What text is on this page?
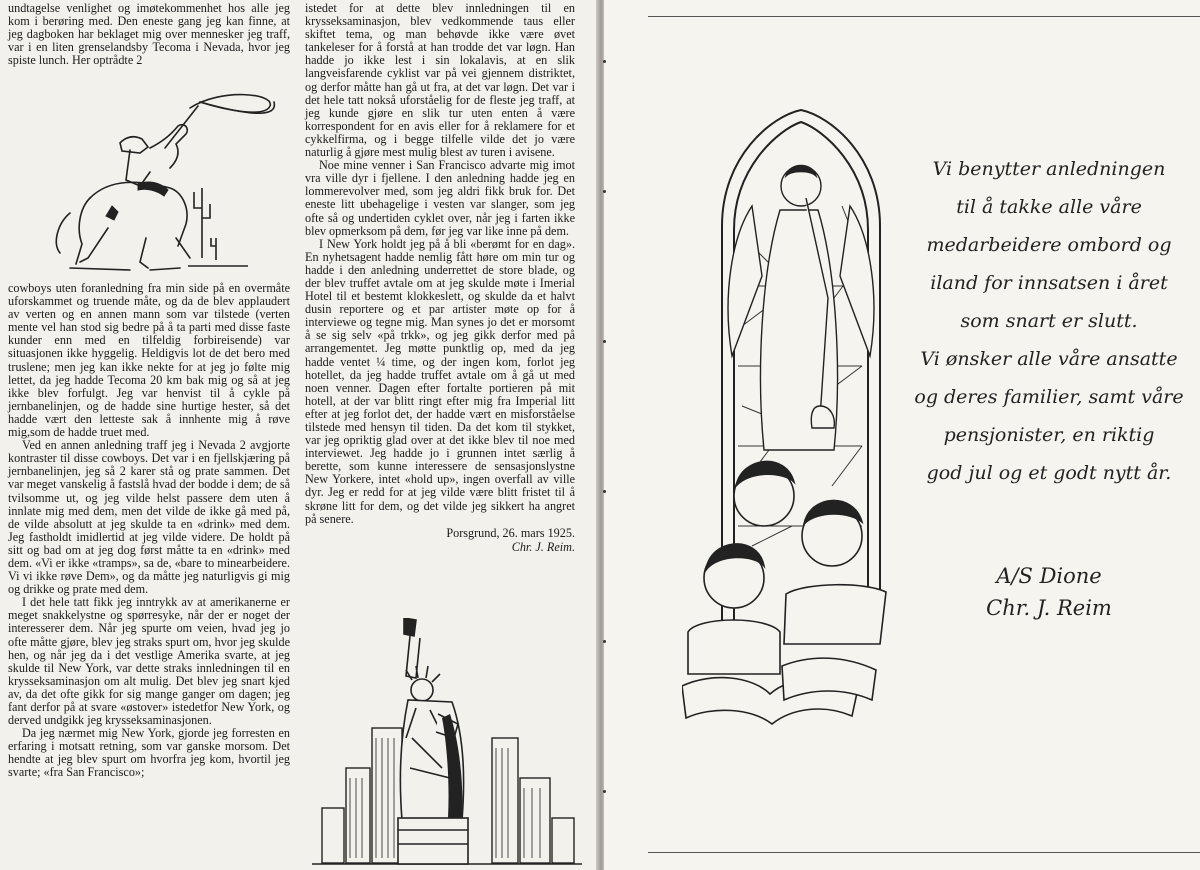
undtagelse venlighet og imøtekommenhet hos alle jeg kom i berøring med. Den eneste gang jeg kan finne, at jeg dagboken har beklaget mig over mennesker jeg traff, var i en liten grenselandsby Tecoma i Nevada, hvor jeg spiste lunch. Her optrådte 2

cowboys uten foranledning fra min side på en overmåte uforskammet og truende måte, og da de blev applaudert av verten og en annen mann som var tilstede (verten mente vel han stod sig bedre på å ta parti med disse faste kunder enn med en tilfeldig forbireisende) var situasjonen ikke hyggelig. Heldigvis lot de det bero med truslene; men jeg kan ikke nekte for at jeg jo følte mig lettet, da jeg hadde Tecoma 20 km bak mig og så at jeg ikke blev forfulgt. Jeg var henvist til å cykle på jernbanelinjen, og de hadde sine hurtige hester, så det hadde vært den letteste sak å innhente mig å røve mig,som de hadde truet med.

Ved en annen anledning traff jeg i Nevada 2 avgjorte kontraster til disse cowboys. Det var i en fjellskjæring på jernbanelinjen, jeg så 2 karer stå og prate sammen. Det var meget vanskelig å fastslå hvad der bodde i dem; de så tvilsomme ut, og jeg vilde helst passere dem uten å innlate mig med dem, men det vilde de ikke gå med på, de vilde absolutt at jeg skulde ta en «drink» med dem. Jeg fastholdt imidlertid at jeg vilde videre. De holdt på sitt og bad om at jeg dog først måtte ta en «drink» med dem. «Vi er ikke «tramps», sa de, «bare to minearbeidere. Vi vi ikke røve Dem», og da måtte jeg naturligvis gi mig og drikke og prate med dem.

I det hele tatt fikk jeg inntrykk av at amerikanerne er meget snakkelystne og spørresyke, når der er noget der interesserer dem. Når jeg spurte om veien, hvad jeg jo ofte måtte gjøre, blev jeg straks spurt om, hvor jeg skulde hen, og når jeg da i det vestlige Amerika svarte, at jeg skulde til New York, var dette straks innledningen til en krysseksaminasjon om alt mulig. Det blev jeg snart kjed av, da det ofte gikk for sig mange ganger om dagen; jeg fant derfor på at svare «østover» istedetfor New York, og derved undgikk jeg krysseksaminasjonen.

Da jeg nærmet mig New York, gjorde jeg forresten en erfaring i motsatt retning, som var ganske morsom. Det hendte at jeg blev spurt om hvorfra jeg kom, hvortil jeg svarte; «fra San Francisco»;

istedet for at dette blev innledningen til en krysseksaminasjon, blev vedkommende taus eller skiftet tema, og man behøvde ikke være øvet tankeleser for å forstå at han trodde det var løgn. Han hadde jo ikke lest i sin lokalavis, at en slik langveisfarende cyklist var på vei gjennem distriktet, og derfor måtte han gå ut fra, at det var løgn. Det var i det hele tatt nokså uforståelig for de fleste jeg traff, at jeg kunde gjøre en slik tur uten enten å være korrespondent for en avis eller for å reklamere for et cykkelfirma, og i begge tilfelle vilde det jo være naturlig å gjøre mest mulig blest av turen i avisene.

Noe mine venner i San Francisco advarte mig imot vra ville dyr i fjellene. I den anledning hadde jeg en lommerevolver med, som jeg aldri fikk bruk for. Det eneste litt ubehagelige i vesten var slanger, som jeg ofte så og undertiden cyklet over, når jeg i farten ikke blev opmerksom på dem, før jeg var like inne på dem.

I New York holdt jeg på å bli «berømt for en dag». En nyhetsagent hadde nemlig fått høre om min tur og hadde i den anledning underrettet de store blade, og der blev truffet avtale om at jeg skulde møte i Imerial Hotel til et bestemt klokkeslett, og skulde da et halvt dusin reportere og et par artister møte op for å interviewe og tegne mig. Man synes jo det er morsomt å se sig selv «på trkk», og jeg gikk derfor med på arrangementet. Jeg møtte punktlig op, med da jeg hadde ventet ¼ time, og der ingen kom, forlot jeg hotellet, da jeg hadde truffet avtale om å gå ut med noen venner. Dagen efter fortalte portieren på mit hotell, at der var blitt ringt efter mig fra Imperial litt efter at jeg forlot det, der hadde vært en misforståelse tilstede med hensyn til tiden. Da det kom til stykket, var jeg opriktig glad over at det ikke blev til noe med interviewet. Jeg hadde jo i grunnen intet særlig å berette, som kunne interessere de sensasjonslystne New Yorkere, intet «hold up», ingen overfall av ville dyr. Jeg er redd for at jeg vilde være blitt fristet til å skrøne litt for dem, og det vilde jeg sikkert ha angret på senere.

Porsgrund, 26. mars 1925.
Chr. J. Reim.
Vi benytter anledningen
til å takke alle våre
medarbeidere ombord og
iland for innsatsen i året
som snart er slutt.
Vi ønsker alle våre ansatte
og deres familier, samt våre
pensjonister, en riktig
god jul og et godt nytt år.
A/S Dione
Chr. J. Reim
